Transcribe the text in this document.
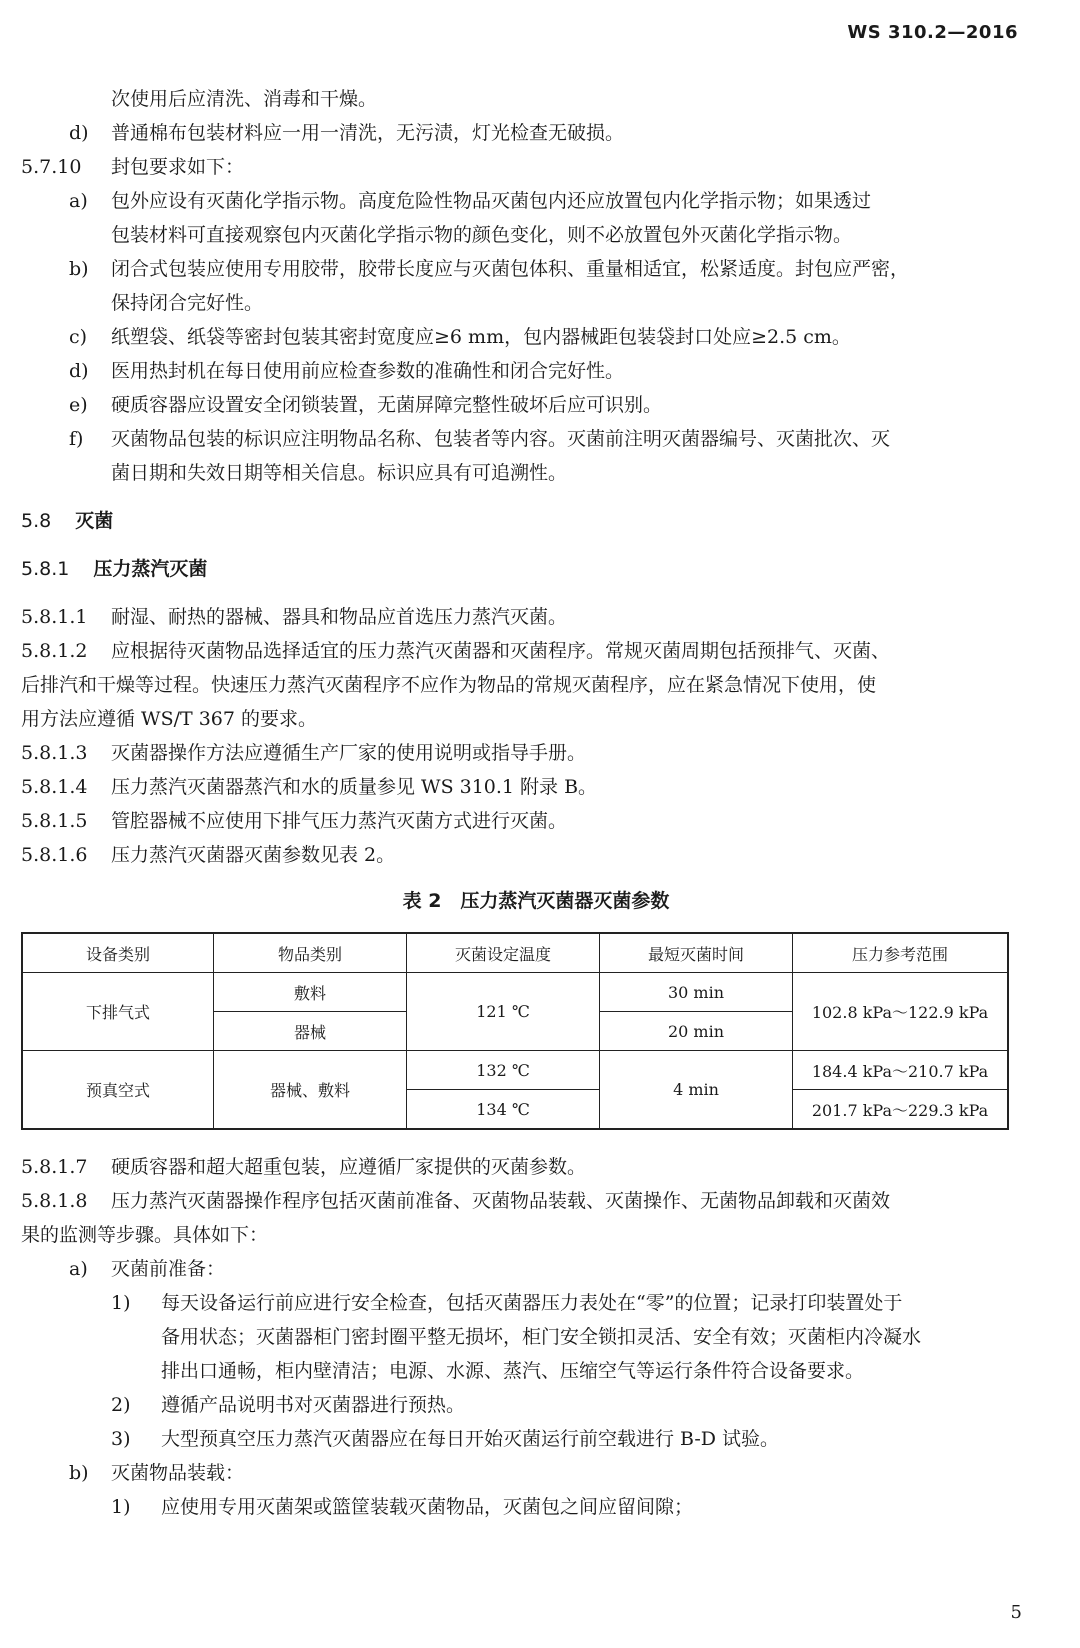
WS 310.2—2016
次使用后应清洗、消毒和干燥。
d)	普通棉布包装材料应一用一清洗，无污渍，灯光检查无破损。
5.7.10	封包要求如下：
a)	包外应设有灭菌化学指示物。高度危险性物品灭菌包内还应放置包内化学指示物；如果透过
包装材料可直接观察包内灭菌化学指示物的颜色变化，则不必放置包外灭菌化学指示物。
b)	闭合式包装应使用专用胶带，胶带长度应与灭菌包体积、重量相适宜，松紧适度。封包应严密，
保持闭合完好性。
c)	纸塑袋、纸袋等密封包装其密封宽度应≥6 mm，包内器械距包装袋封口处应≥2.5 cm。
d)	医用热封机在每日使用前应检查参数的准确性和闭合完好性。
e)	硬质容器应设置安全闭锁装置，无菌屏障完整性破坏后应可识别。
f)	灭菌物品包装的标识应注明物品名称、包装者等内容。灭菌前注明灭菌器编号、灭菌批次、灭
菌日期和失效日期等相关信息。标识应具有可追溯性。
5.8 灭菌
5.8.1 压力蒸汽灭菌
5.8.1.1	耐湿、耐热的器械、器具和物品应首选压力蒸汽灭菌。
5.8.1.2	应根据待灭菌物品选择适宜的压力蒸汽灭菌器和灭菌程序。常规灭菌周期包括预排气、灭菌、
后排汽和干燥等过程。快速压力蒸汽灭菌程序不应作为物品的常规灭菌程序，应在紧急情况下使用，使
用方法应遵循 WS/T 367 的要求。
5.8.1.3	灭菌器操作方法应遵循生产厂家的使用说明或指导手册。
5.8.1.4	压力蒸汽灭菌器蒸汽和水的质量参见 WS 310.1 附录 B。
5.8.1.5	管腔器械不应使用下排气压力蒸汽灭菌方式进行灭菌。
5.8.1.6	压力蒸汽灭菌器灭菌参数见表 2。
表 2　压力蒸汽灭菌器灭菌参数
设备类别	物品类别	灭菌设定温度	最短灭菌时间	压力参考范围
下排气式	敷料	121 ℃	30 min	102.8 kPa～122.9 kPa
	器械		20 min	
预真空式	器械、敷料	132 ℃	4 min	184.4 kPa～210.7 kPa
		134 ℃		201.7 kPa～229.3 kPa
5.8.1.7	硬质容器和超大超重包装，应遵循厂家提供的灭菌参数。
5.8.1.8	压力蒸汽灭菌器操作程序包括灭菌前准备、灭菌物品装载、灭菌操作、无菌物品卸载和灭菌效
果的监测等步骤。具体如下：
a)	灭菌前准备：
1)	每天设备运行前应进行安全检查，包括灭菌器压力表处在“零”的位置；记录打印装置处于
备用状态；灭菌器柜门密封圈平整无损坏，柜门安全锁扣灵活、安全有效；灭菌柜内冷凝水
排出口通畅，柜内壁清洁；电源、水源、蒸汽、压缩空气等运行条件符合设备要求。
2)	遵循产品说明书对灭菌器进行预热。
3)	大型预真空压力蒸汽灭菌器应在每日开始灭菌运行前空载进行 B-D 试验。
b)	灭菌物品装载：
1)	应使用专用灭菌架或篮筐装载灭菌物品，灭菌包之间应留间隙；
5
